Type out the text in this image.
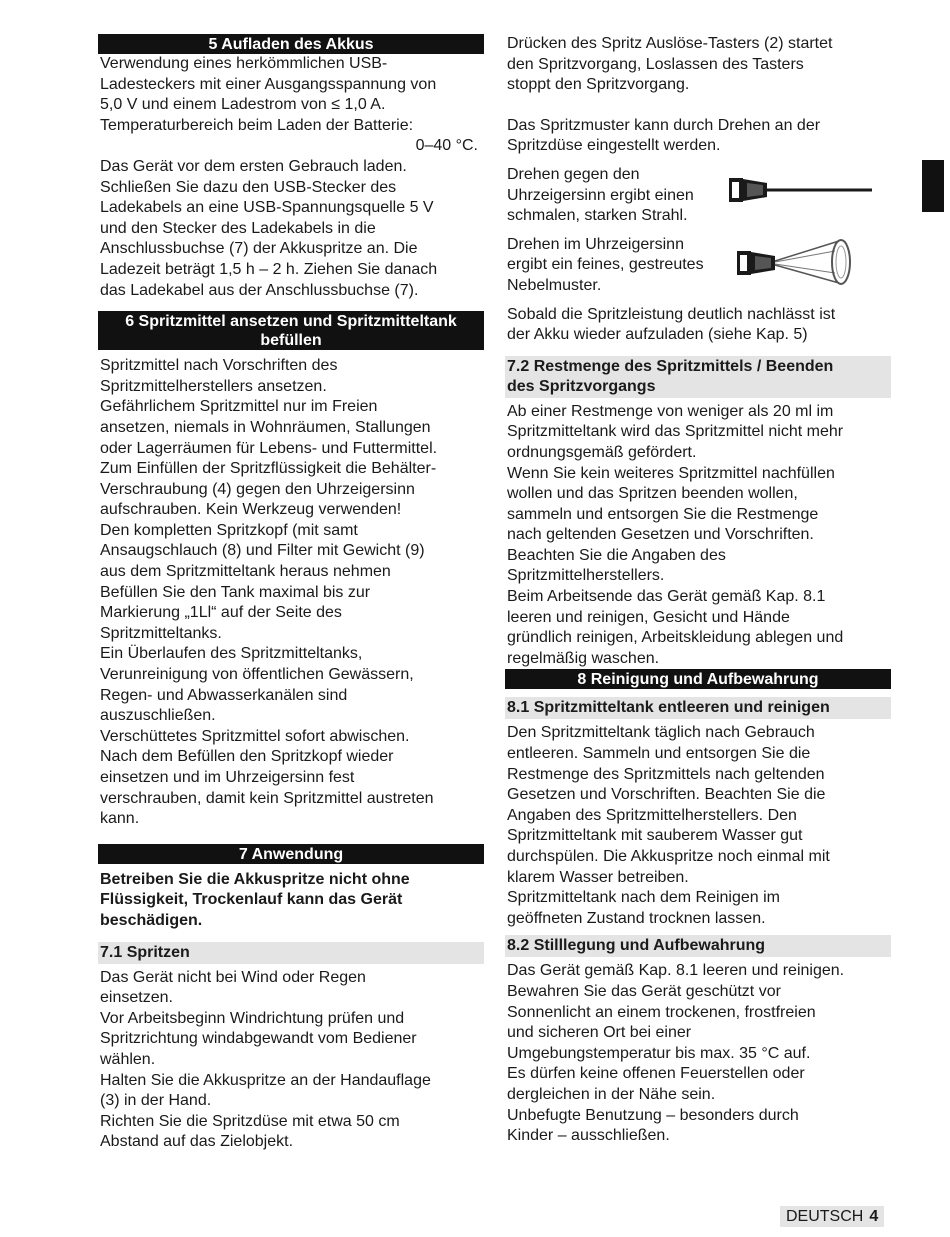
5 Aufladen des Akkus

Verwendung eines herkömmlichen USB-

Ladesteckers mit einer Ausgangsspannung von

5,0 V und einem Ladestrom von ≤ 1,0 A.

Temperaturbereich beim Laden der Batterie:

0–40 °C.

Das Gerät vor dem ersten Gebrauch laden.

Schließen Sie dazu den USB-Stecker des

Ladekabels an eine USB-Spannungsquelle 5 V

und den Stecker des Ladekabels in die

Anschlussbuchse (7) der Akkuspritze an. Die

Ladezeit beträgt 1,5 h – 2 h. Ziehen Sie danach

das Ladekabel aus der Anschlussbuchse (7).

6 Spritzmittel ansetzen und Spritzmitteltank
befüllen

Spritzmittel nach Vorschriften des

Spritzmittelherstellers ansetzen.

Gefährlichem Spritzmittel nur im Freien

ansetzen, niemals in Wohnräumen, Stallungen

oder Lagerräumen für Lebens- und Futtermittel.

Zum Einfüllen der Spritzflüssigkeit die Behälter-

Verschraubung (4) gegen den Uhrzeigersinn

aufschrauben. Kein Werkzeug verwenden!

Den kompletten Spritzkopf (mit samt

Ansaugschlauch (8) und Filter mit Gewicht (9)

aus dem Spritzmitteltank heraus nehmen

Befüllen Sie den Tank maximal bis zur

Markierung „1Ll“ auf der Seite des

Spritzmitteltanks.

Ein Überlaufen des Spritzmitteltanks,

Verunreinigung von öffentlichen Gewässern,

Regen- und Abwasserkanälen sind

auszuschließen.

Verschüttetes Spritzmittel sofort abwischen.

Nach dem Befüllen den Spritzkopf wieder

einsetzen und im Uhrzeigersinn fest

verschrauben, damit kein Spritzmittel austreten

kann.

7 Anwendung

Betreiben Sie die Akkuspritze nicht ohne

Flüssigkeit, Trockenlauf kann das Gerät

beschädigen.

7.1 Spritzen

Das Gerät nicht bei Wind oder Regen

einsetzen.

Vor Arbeitsbeginn Windrichtung prüfen und

Spritzrichtung windabgewandt vom Bediener

wählen.

Halten Sie die Akkuspritze an der Handauflage

(3) in der Hand.

Richten Sie die Spritzdüse mit etwa 50 cm

Abstand auf das Zielobjekt.

Drücken des Spritz Auslöse-Tasters (2) startet

den Spritzvorgang, Loslassen des Tasters

stoppt den Spritzvorgang.

Das Spritzmuster kann durch Drehen an der

Spritzdüse eingestellt werden.

Drehen gegen den

Uhrzeigersinn ergibt einen

schmalen, starken Strahl.

Drehen im Uhrzeigersinn

ergibt ein feines, gestreutes

Nebelmuster.

Sobald die Spritzleistung deutlich nachlässt ist

der Akku wieder aufzuladen (siehe Kap. 5)

7.2 Restmenge des Spritzmittels / Beenden
des Spritzvorgangs

Ab einer Restmenge von weniger als 20 ml im

Spritzmitteltank wird das Spritzmittel nicht mehr

ordnungsgemäß gefördert.

Wenn Sie kein weiteres Spritzmittel nachfüllen

wollen und das Spritzen beenden wollen,

sammeln und entsorgen Sie die Restmenge

nach geltenden Gesetzen und Vorschriften.

Beachten Sie die Angaben des

Spritzmittelherstellers.

Beim Arbeitsende das Gerät gemäß Kap. 8.1

leeren und reinigen, Gesicht und Hände

gründlich reinigen, Arbeitskleidung ablegen und

regelmäßig waschen.

8 Reinigung und Aufbewahrung
8.1 Spritzmitteltank entleeren und reinigen

Den Spritzmitteltank täglich nach Gebrauch

entleeren. Sammeln und entsorgen Sie die

Restmenge des Spritzmittels nach geltenden

Gesetzen und Vorschriften. Beachten Sie die

Angaben des Spritzmittelherstellers. Den

Spritzmitteltank mit sauberem Wasser gut

durchspülen. Die Akkuspritze noch einmal mit

klarem Wasser betreiben.

Spritzmitteltank nach dem Reinigen im

geöffneten Zustand trocknen lassen.

8.2 Stilllegung und Aufbewahrung

Das Gerät gemäß Kap. 8.1 leeren und reinigen.

Bewahren Sie das Gerät geschützt vor

Sonnenlicht an einem trockenen, frostfreien

und sicheren Ort bei einer

Umgebungstemperatur bis max. 35 °C auf.

Es dürfen keine offenen Feuerstellen oder

dergleichen in der Nähe sein.

Unbefugte Benutzung – besonders durch

Kinder – ausschließen.

DEUTSCH 4
